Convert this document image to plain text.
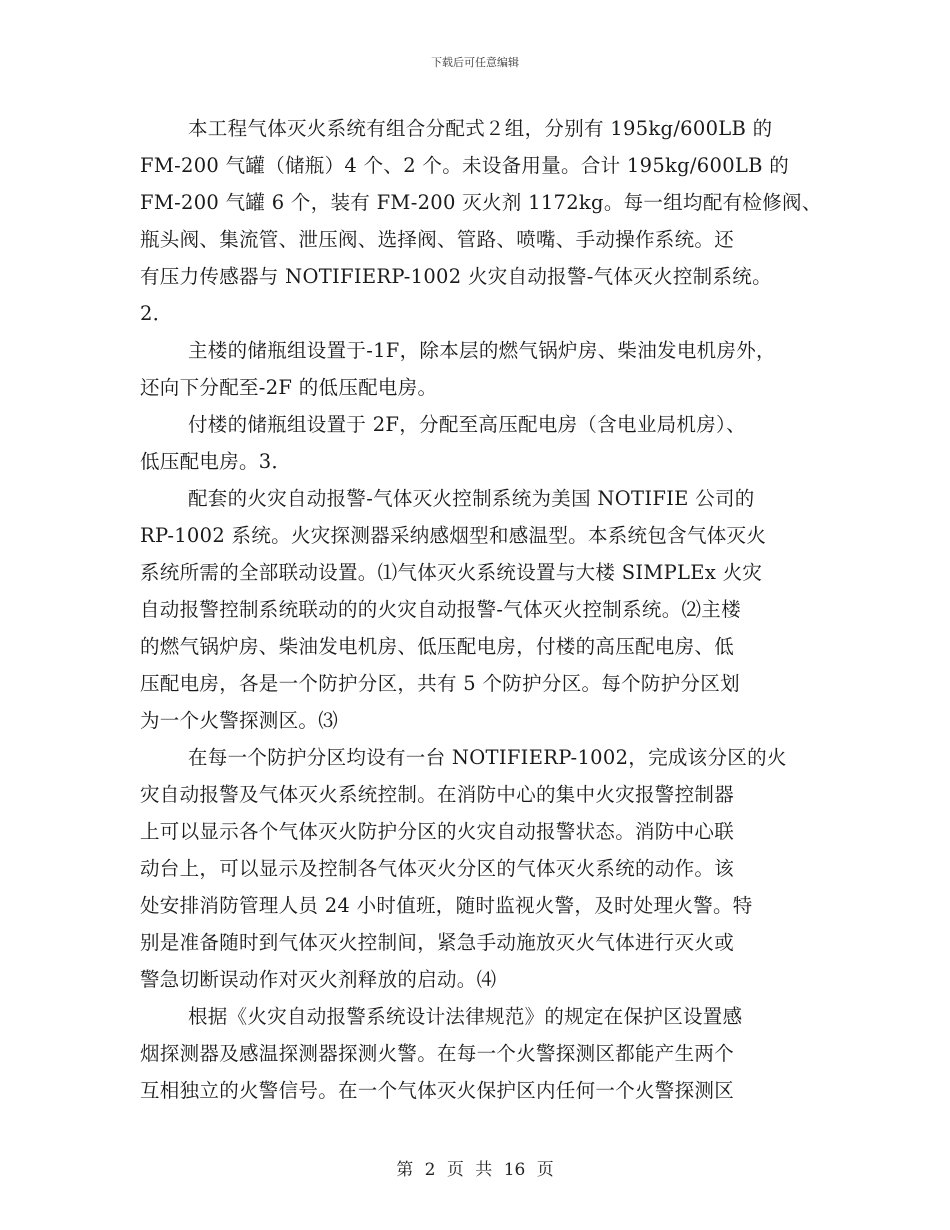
下载后可任意编辑
本工程气体灭火系统有组合分配式２组，分别有 195kg/600LB 的
FM-200 气罐（储瓶）4 个、2 个。未设备用量。合计 195kg/600LB 的
FM-200 气罐 6 个，装有 FM-200 灭火剂 1172kg。每一组均配有检修阀、
瓶头阀、集流管、泄压阀、选择阀、管路、喷嘴、手动操作系统。还
有压力传感器与 NOTIFIERP-1002 火灾自动报警-气体灭火控制系统。
2．
主楼的储瓶组设置于-1F，除本层的燃气锅炉房、柴油发电机房外，
还向下分配至-2F 的低压配电房。
付楼的储瓶组设置于 2F，分配至高压配电房（含电业局机房）、
低压配电房。3．
配套的火灾自动报警-气体灭火控制系统为美国 NOTIFIE 公司的
RP-1002 系统。火灾探测器采纳感烟型和感温型。本系统包含气体灭火
系统所需的全部联动设置。⑴气体灭火系统设置与大楼 SIMPLEx 火灾
自动报警控制系统联动的的火灾自动报警-气体灭火控制系统。⑵主楼
的燃气锅炉房、柴油发电机房、低压配电房，付楼的高压配电房、低
压配电房，各是一个防护分区，共有 5 个防护分区。每个防护分区划
为一个火警探测区。⑶
在每一个防护分区均设有一台 NOTIFIERP-1002，完成该分区的火
灾自动报警及气体灭火系统控制。在消防中心的集中火灾报警控制器
上可以显示各个气体灭火防护分区的火灾自动报警状态。消防中心联
动台上，可以显示及控制各气体灭火分区的气体灭火系统的动作。该
处安排消防管理人员 24 小时值班，随时监视火警，及时处理火警。特
别是准备随时到气体灭火控制间，紧急手动施放灭火气体进行灭火或
警急切断误动作对灭火剂释放的启动。⑷
根据《火灾自动报警系统设计法律规范》的规定在保护区设置感
烟探测器及感温探测器探测火警。在每一个火警探测区都能产生两个
互相独立的火警信号。在一个气体灭火保护区内任何一个火警探测区
第 2 页 共 16 页
